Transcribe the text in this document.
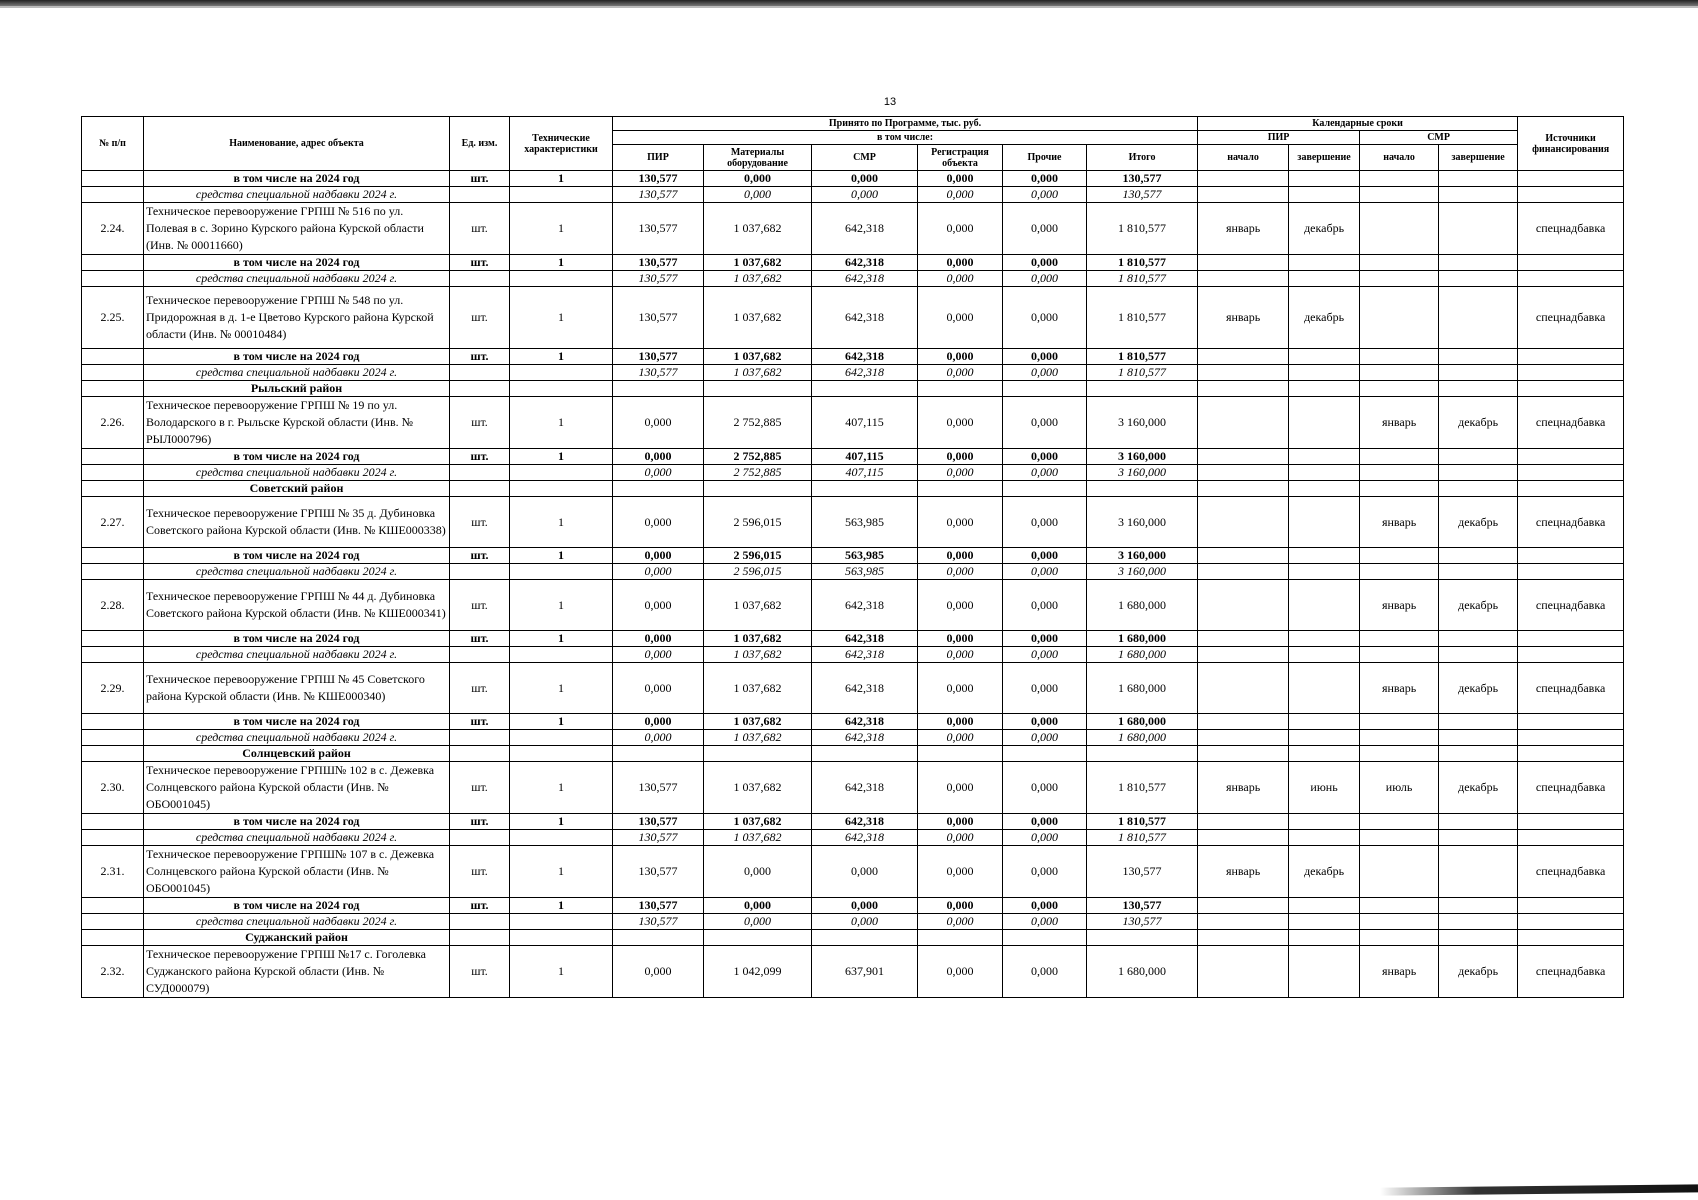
13
№ п/п	Наименование, адрес объекта	Ед. изм.	Технические характеристики	Принято по Программе, тыс. руб.						Календарные сроки				Источники финансирования
				в том числе:						ПИР		СМР		
				ПИР	Материалы оборудование	СМР	Регистрация объекта	Прочие	Итого	начало	завершение	начало	завершение	
	в том числе на 2024 год	шт.	1	130,577	0,000	0,000	0,000	0,000	130,577					
	средства специальной надбавки 2024 г.			130,577	0,000	0,000	0,000	0,000	130,577					
2.24.	Техническое перевооружение ГРПШ № 516 по ул. Полевая в с. Зорино Курского района Курской области (Инв. № 00011660)	шт.	1	130,577	1 037,682	642,318	0,000	0,000	1 810,577	январь	декабрь			спецнадбавка
	в том числе на 2024 год	шт.	1	130,577	1 037,682	642,318	0,000	0,000	1 810,577					
	средства специальной надбавки 2024 г.			130,577	1 037,682	642,318	0,000	0,000	1 810,577					
2.25.	Техническое перевооружение ГРПШ № 548 по ул. Придорожная в д. 1-е Цветово Курского района Курской области (Инв. № 00010484)	шт.	1	130,577	1 037,682	642,318	0,000	0,000	1 810,577	январь	декабрь			спецнадбавка
	в том числе на 2024 год	шт.	1	130,577	1 037,682	642,318	0,000	0,000	1 810,577					
	средства специальной надбавки 2024 г.			130,577	1 037,682	642,318	0,000	0,000	1 810,577					
	Рыльский район													
2.26.	Техническое перевооружение ГРПШ № 19 по ул. Володарского в г. Рыльске Курской области (Инв. № РЫЛ000796)	шт.	1	0,000	2 752,885	407,115	0,000	0,000	3 160,000			январь	декабрь	спецнадбавка
	в том числе на 2024 год	шт.	1	0,000	2 752,885	407,115	0,000	0,000	3 160,000					
	средства специальной надбавки 2024 г.			0,000	2 752,885	407,115	0,000	0,000	3 160,000					
	Советский район													
2.27.	Техническое перевооружение ГРПШ № 35 д. Дубиновка Советского района Курской области (Инв. № КШЕ000338)	шт.	1	0,000	2 596,015	563,985	0,000	0,000	3 160,000			январь	декабрь	спецнадбавка
	в том числе на 2024 год	шт.	1	0,000	2 596,015	563,985	0,000	0,000	3 160,000					
	средства специальной надбавки 2024 г.			0,000	2 596,015	563,985	0,000	0,000	3 160,000					
2.28.	Техническое перевооружение ГРПШ № 44 д. Дубиновка Советского района Курской области (Инв. № КШЕ000341)	шт.	1	0,000	1 037,682	642,318	0,000	0,000	1 680,000			январь	декабрь	спецнадбавка
	в том числе на 2024 год	шт.	1	0,000	1 037,682	642,318	0,000	0,000	1 680,000					
	средства специальной надбавки 2024 г.			0,000	1 037,682	642,318	0,000	0,000	1 680,000					
2.29.	Техническое перевооружение ГРПШ № 45 Советского района Курской области (Инв. № КШЕ000340)	шт.	1	0,000	1 037,682	642,318	0,000	0,000	1 680,000			январь	декабрь	спецнадбавка
	в том числе на 2024 год	шт.	1	0,000	1 037,682	642,318	0,000	0,000	1 680,000					
	средства специальной надбавки 2024 г.			0,000	1 037,682	642,318	0,000	0,000	1 680,000					
	Солнцевский район													
2.30.	Техническое перевооружение ГРПШ№ 102 в с. Дежевка Солнцевского района Курской области (Инв. № ОБО001045)	шт.	1	130,577	1 037,682	642,318	0,000	0,000	1 810,577	январь	июнь	июль	декабрь	спецнадбавка
	в том числе на 2024 год	шт.	1	130,577	1 037,682	642,318	0,000	0,000	1 810,577					
	средства специальной надбавки 2024 г.			130,577	1 037,682	642,318	0,000	0,000	1 810,577					
2.31.	Техническое перевооружение ГРПШ№ 107 в с. Дежевка Солнцевского района Курской области (Инв. № ОБО001045)	шт.	1	130,577	0,000	0,000	0,000	0,000	130,577	январь	декабрь			спецнадбавка
	в том числе на 2024 год	шт.	1	130,577	0,000	0,000	0,000	0,000	130,577					
	средства специальной надбавки 2024 г.			130,577	0,000	0,000	0,000	0,000	130,577					
	Суджанский район													
2.32.	Техническое перевооружение ГРПШ №17 с. Гоголевка Суджанского района Курской области (Инв. № СУД000079)	шт.	1	0,000	1 042,099	637,901	0,000	0,000	1 680,000			январь	декабрь	спецнадбавка
